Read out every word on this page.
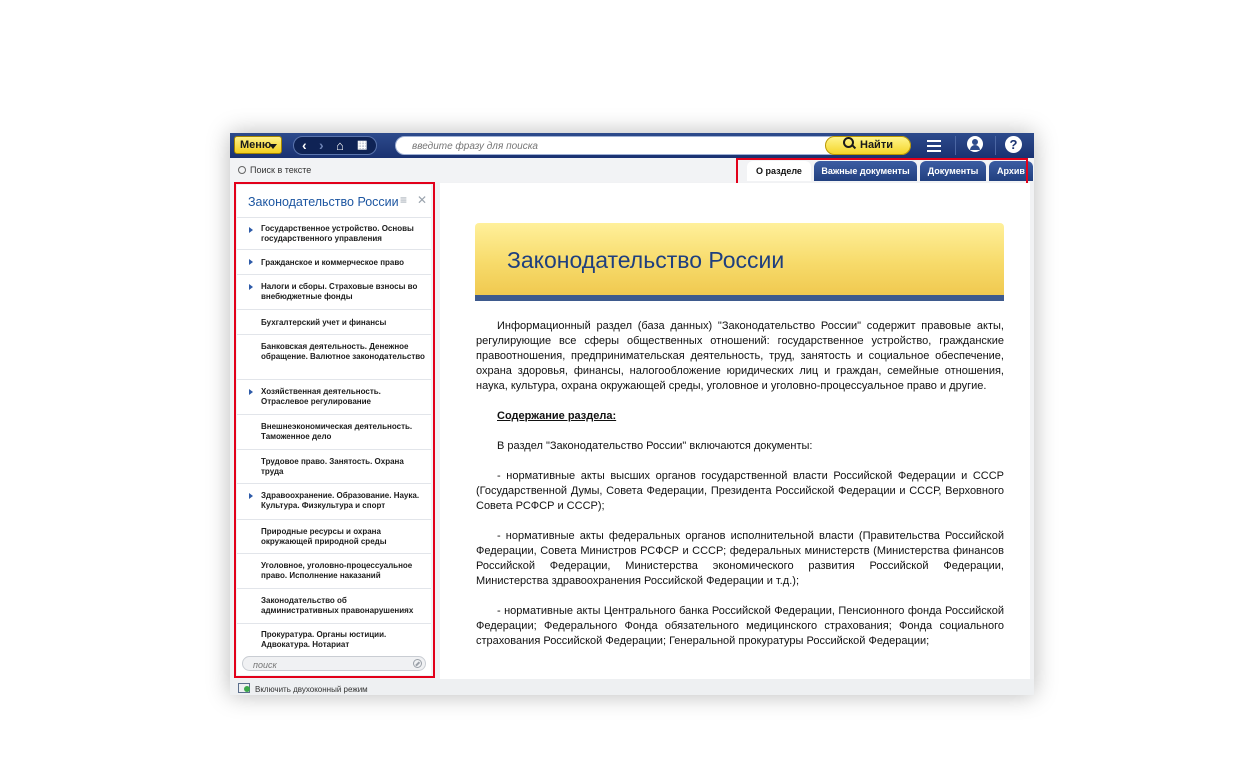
Меню	‹ › ⌂ ▦
введите фразу для поиска	Найти	?
Поиск в тексте	О разделе	Важные документы	Документы	Архив
Законодательство России ≡ ✕
Государственное устройство. Основы государственного управления
Гражданское и коммерческое право
Налоги и сборы. Страховые взносы во внебюджетные фонды
Бухгалтерский учет и финансы
Банковская деятельность. Денежное обращение. Валютное законодательство
Хозяйственная деятельность. Отраслевое регулирование
Внешнеэкономическая деятельность. Таможенное дело
Трудовое право. Занятость. Охрана труда
Здравоохранение. Образование. Наука. Культура. Физкультура и спорт
Природные ресурсы и охрана окружающей природной среды
Уголовное, уголовно-процессуальное право. Исполнение наказаний
Законодательство об административных правонарушениях
Прокуратура. Органы юстиции. Адвокатура. Нотариат
поиск
Законодательство России

Информационный раздел (база данных) "Законодательство России" содержит правовые акты, регулирующие все сферы общественных отношений: государственное устройство, гражданские правоотношения, предпринимательская деятельность, труд, занятость и социальное обеспечение, охрана здоровья, финансы, налогообложение юридических лиц и граждан, семейные отношения, наука, культура, охрана окружающей среды, уголовное и уголовно-процессуальное право и другие.

Содержание раздела:

В раздел "Законодательство России" включаются документы:

- нормативные акты высших органов государственной власти Российской Федерации и СССР (Государственной Думы, Совета Федерации, Президента Российской Федерации и СССР, Верховного Совета РСФСР и СССР);

- нормативные акты федеральных органов исполнительной власти (Правительства Российской Федерации, Совета Министров РСФСР и СССР; федеральных министерств (Министерства финансов Российской Федерации, Министерства экономического развития Российской Федерации, Министерства здравоохранения Российской Федерации и т.д.);

- нормативные акты Центрального банка Российской Федерации, Пенсионного фонда Российской Федерации; Федерального Фонда обязательного медицинского страхования; Фонда социального страхования Российской Федерации; Генеральной прокуратуры Российской Федерации;

Включить двухоконный режим
